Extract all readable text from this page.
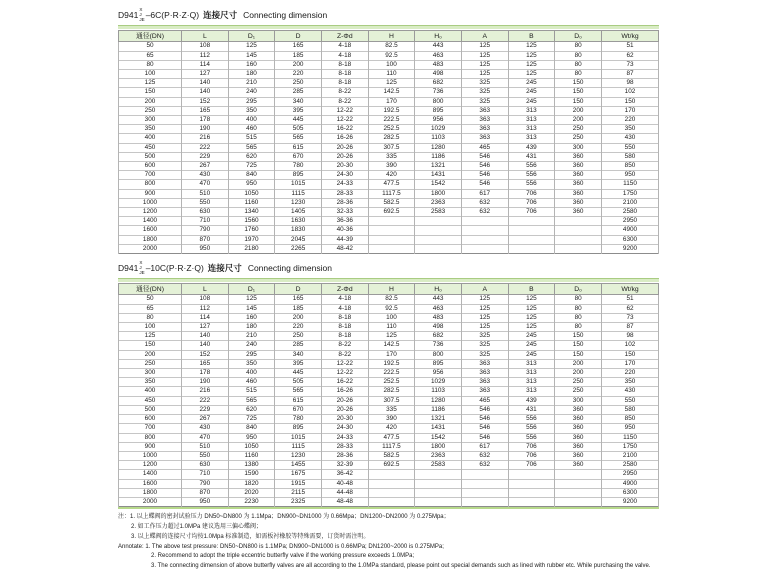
D941
X
J
JE –6C(P·R·Z·Q) 连接尺寸 Connecting dimension
通径(DN)	L	D₁	D	Z-Φd	H	H₀	A	B	D₀	Wt/kg
50	108	125	165	4-18	82.5	443	125	125	80	51
65	112	145	185	4-18	92.5	463	125	125	80	62
80	114	160	200	8-18	100	483	125	125	80	73
100	127	180	220	8-18	110	498	125	125	80	87
125	140	210	250	8-18	125	682	325	245	150	98
150	140	240	285	8-22	142.5	736	325	245	150	102
200	152	295	340	8-22	170	800	325	245	150	150
250	165	350	395	12-22	192.5	895	363	313	200	170
300	178	400	445	12-22	222.5	956	363	313	200	220
350	190	460	505	16-22	252.5	1029	363	313	250	350
400	216	515	565	16-26	282.5	1103	363	313	250	430
450	222	565	615	20-26	307.5	1280	465	439	300	550
500	229	620	670	20-26	335	1186	546	431	360	580
600	267	725	780	20-30	390	1321	546	556	360	850
700	430	840	895	24-30	420	1431	546	556	360	950
800	470	950	1015	24-33	477.5	1542	546	556	360	1150
900	510	1050	1115	28-33	1117.5	1800	617	706	360	1750
1000	550	1160	1230	28-36	582.5	2363	632	706	360	2100
1200	630	1340	1405	32-33	692.5	2583	632	706	360	2580
1400	710	1560	1630	36-36						2950
1600	790	1760	1830	40-36						4900
1800	870	1970	2045	44-39						6300
2000	950	2180	2265	48-42						9200
D941
X
J
JE –10C(P·R·Z·Q) 连接尺寸 Connecting dimension
通径(DN)	L	D₁	D	Z-Φd	H	H₀	A	B	D₀	Wt/kg
50	108	125	165	4-18	82.5	443	125	125	80	51
65	112	145	185	4-18	92.5	463	125	125	80	62
80	114	160	200	8-18	100	483	125	125	80	73
100	127	180	220	8-18	110	498	125	125	80	87
125	140	210	250	8-18	125	682	325	245	150	98
150	140	240	285	8-22	142.5	736	325	245	150	102
200	152	295	340	8-22	170	800	325	245	150	150
250	165	350	395	12-22	192.5	895	363	313	200	170
300	178	400	445	12-22	222.5	956	363	313	200	220
350	190	460	505	16-22	252.5	1029	363	313	250	350
400	216	515	565	16-26	282.5	1103	363	313	250	430
450	222	565	615	20-26	307.5	1280	465	439	300	550
500	229	620	670	20-26	335	1186	546	431	360	580
600	267	725	780	20-30	390	1321	546	556	360	850
700	430	840	895	24-30	420	1431	546	556	360	950
800	470	950	1015	24-33	477.5	1542	546	556	360	1150
900	510	1050	1115	28-33	1117.5	1800	617	706	360	1750
1000	550	1160	1230	28-36	582.5	2363	632	706	360	2100
1200	630	1380	1455	32-39	692.5	2583	632	706	360	2580
1400	710	1590	1675	36-42						2950
1600	790	1820	1915	40-48						4900
1800	870	2020	2115	44-48						6300
2000	950	2230	2325	48-48						9200
注：1. 以上蝶阀的密封试验压力 DN50~DN800 为 1.1Mpa；DN900~DN1000 为 0.66Mpa；DN1200~DN2000 为 0.275Mpa；
2. 如工作压力超过1.0MPa 建议选用三偏心蝶阀；
3. 以上蝶阀的连接尺寸均按1.0Mpa 标准制造，如需板衬橡胶等特殊需要，订货时需注明。
Annotate: 1. The above test pressure: DN50~DN800 is 1.1MPa; DN900~DN1000 is 0.66MPa; DN1200~2000 is 0.275MPa;
2. Recommend to adopt the triple eccentric butterfly valve if the working pressure exceeds 1.0MPa;
3. The connecting dimension of above butterfly valves are all according to the 1.0MPa standard, please point out special demands such as lined with rubber etc. While purchasing the valve.
